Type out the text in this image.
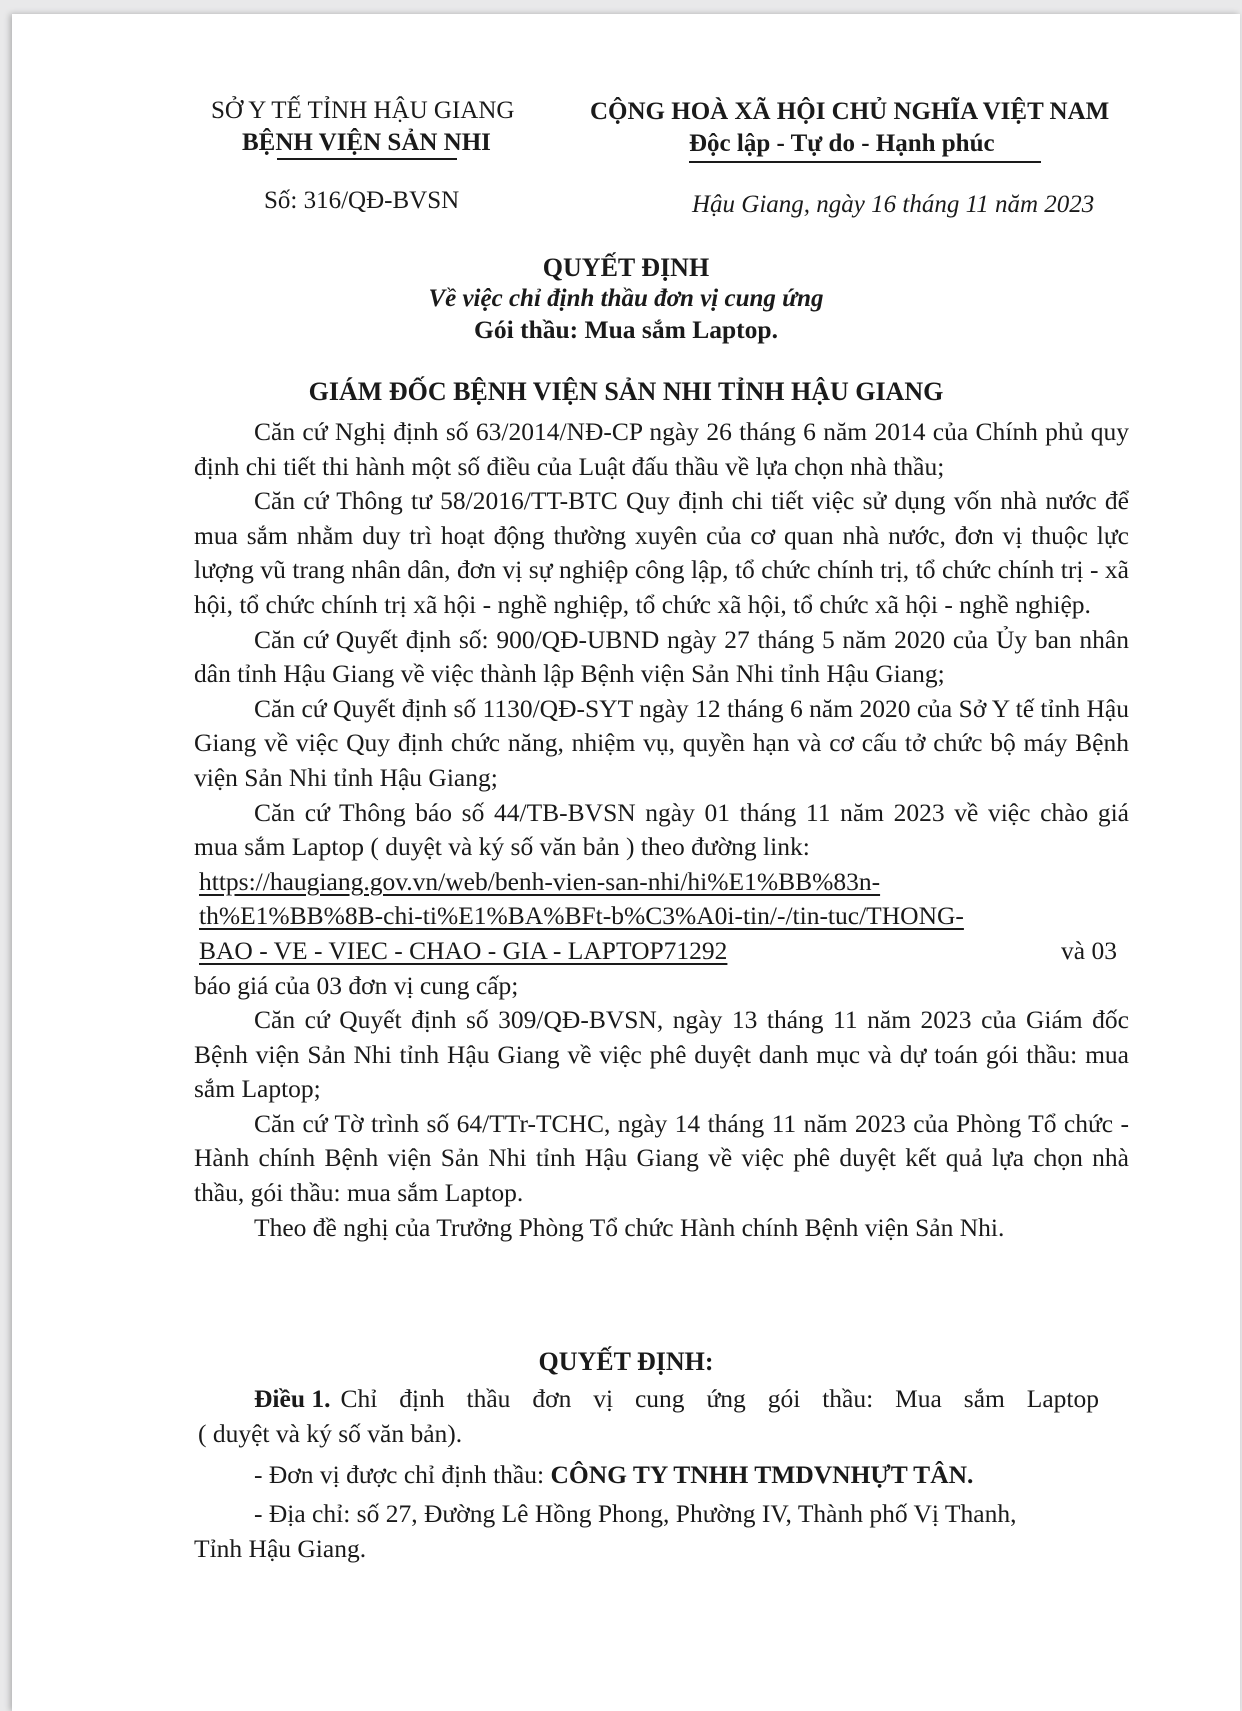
SỞ Y TẾ TỈNH HẬU GIANG
BỆNH VIỆN SẢN NHI
CỘNG HOÀ XÃ HỘI CHỦ NGHĨA VIỆT NAM
Độc lập - Tự do - Hạnh phúc
Số: 316/QĐ-BVSN	Hậu Giang, ngày 16 tháng 11 năm 2023
QUYẾT ĐỊNH
Về việc chỉ định thầu đơn vị cung ứng
Gói thầu: Mua sắm Laptop.
GIÁM ĐỐC BỆNH VIỆN SẢN NHI TỈNH HẬU GIANG

Căn cứ Nghị định số 63/2014/NĐ-CP ngày 26 tháng 6 năm 2014 của Chính phủ quy định chi tiết thi hành một số điều của Luật đấu thầu về lựa chọn nhà thầu;

Căn cứ Thông tư 58/2016/TT-BTC Quy định chi tiết việc sử dụng vốn nhà nước để mua sắm nhằm duy trì hoạt động thường xuyên của cơ quan nhà nước, đơn vị thuộc lực lượng vũ trang nhân dân, đơn vị sự nghiệp công lập, tổ chức chính trị, tổ chức chính trị - xã hội, tổ chức chính trị xã hội - nghề nghiệp, tổ chức xã hội, tổ chức xã hội - nghề nghiệp.

Căn cứ Quyết định số: 900/QĐ-UBND ngày 27 tháng 5 năm 2020 của Ủy ban nhân dân tỉnh Hậu Giang về việc thành lập Bệnh viện Sản Nhi tỉnh Hậu Giang;

Căn cứ Quyết định số 1130/QĐ-SYT ngày 12 tháng 6 năm 2020 của Sở Y tế tỉnh Hậu Giang về việc Quy định chức năng, nhiệm vụ, quyền hạn và cơ cấu tở chức bộ máy Bệnh viện Sản Nhi tỉnh Hậu Giang;

Căn cứ Thông báo số 44/TB-BVSN ngày 01 tháng 11 năm 2023 về việc chào giá mua sắm Laptop ( duyệt và ký số văn bản ) theo đường link:

https://haugiang.gov.vn/web/benh-vien-san-nhi/hi%E1%BB%83n-
th%E1%BB%8B-chi-ti%E1%BA%BFt-b%C3%A0i-tin/-/tin-tuc/THONG-
BAO - VE - VIEC - CHAO - GIA - LAPTOP71292	và 03

báo giá của 03 đơn vị cung cấp;

Căn cứ Quyết định số 309/QĐ-BVSN, ngày 13 tháng 11 năm 2023 của Giám đốc Bệnh viện Sản Nhi tỉnh Hậu Giang về việc phê duyệt danh mục và dự toán gói thầu: mua sắm Laptop;

Căn cứ Tờ trình số 64/TTr-TCHC, ngày 14 tháng 11 năm 2023 của Phòng Tổ chức - Hành chính Bệnh viện Sản Nhi tỉnh Hậu Giang về việc phê duyệt kết quả lựa chọn nhà thầu, gói thầu: mua sắm Laptop.

Theo đề nghị của Trưởng Phòng Tổ chức Hành chính Bệnh viện Sản Nhi.

QUYẾT ĐỊNH:
Điều 1. Chỉ định thầu đơn vị cung ứng gói thầu: Mua sắm Laptop
( duyệt và ký số văn bản).
- Đơn vị được chỉ định thầu: CÔNG TY TNHH TMDVNHỰT TÂN.
- Địa chỉ: số 27, Đường Lê Hồng Phong, Phường IV, Thành phố Vị Thanh,
Tỉnh Hậu Giang.
